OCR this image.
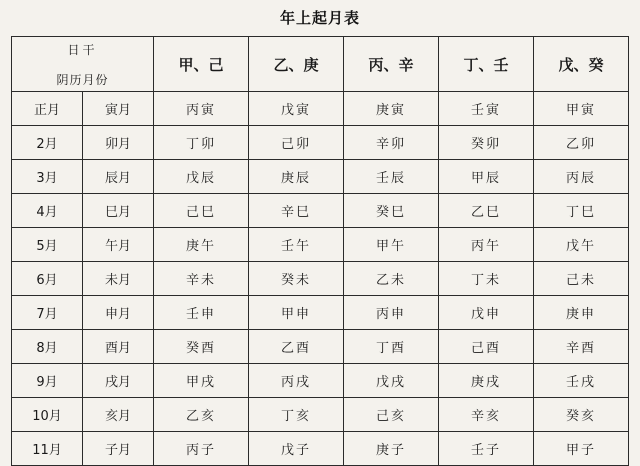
年上起月表
日干
阴历月份		甲、己	乙、庚	丙、辛	丁、壬	戊、癸
正月	寅月	丙寅	戊寅	庚寅	壬寅	甲寅
2月	卯月	丁卯	己卯	辛卯	癸卯	乙卯
3月	辰月	戊辰	庚辰	壬辰	甲辰	丙辰
4月	巳月	己巳	辛巳	癸巳	乙巳	丁巳
5月	午月	庚午	壬午	甲午	丙午	戊午
6月	未月	辛未	癸未	乙未	丁未	己未
7月	申月	壬申	甲申	丙申	戊申	庚申
8月	酉月	癸酉	乙酉	丁酉	己酉	辛酉
9月	戌月	甲戌	丙戌	戊戌	庚戌	壬戌
10月	亥月	乙亥	丁亥	己亥	辛亥	癸亥
11月	子月	丙子	戊子	庚子	壬子	甲子
